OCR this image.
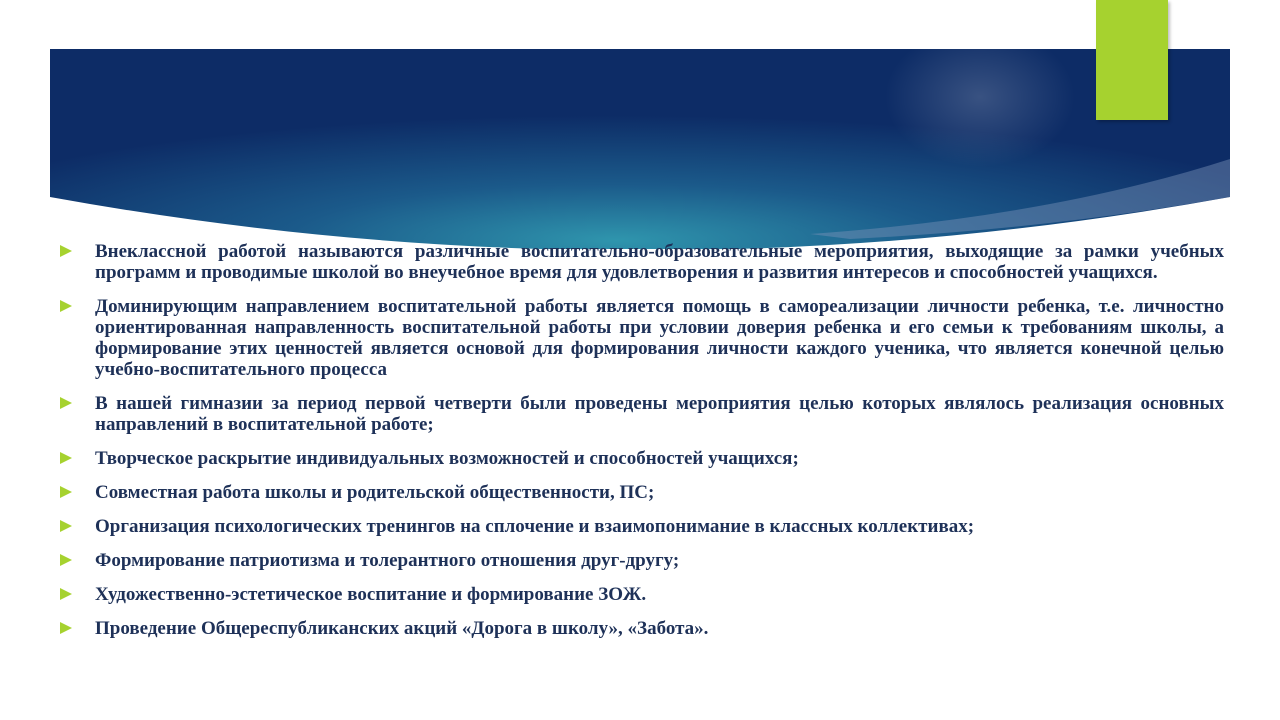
Внеклассной работой называются различные воспитательно-образовательные мероприятия, выходящие за рамки учебных программ и проводимые школой во внеучебное время для удовлетворения и развития интересов и способностей учащихся.
Доминирующим направлением воспитательной работы является помощь в самореализации личности ребенка, т.е. личностно ориентированная направленность воспитательной работы при условии доверия ребенка и его семьи к требованиям школы, а формирование этих ценностей является основой для формирования личности каждого ученика, что является конечной целью учебно-воспитательного процесса
В нашей гимназии за период первой четверти были проведены мероприятия целью которых являлось реализация основных направлений в воспитательной работе;
Творческое раскрытие индивидуальных возможностей и способностей учащихся;
Совместная работа школы и родительской общественности, ПС;
Организация психологических тренингов на сплочение и взаимопонимание в классных коллективах;
Формирование патриотизма и толерантного отношения друг-другу;
Художественно-эстетическое воспитание и формирование ЗОЖ.
Проведение Общереспубликанских акций «Дорога в школу», «Забота».
